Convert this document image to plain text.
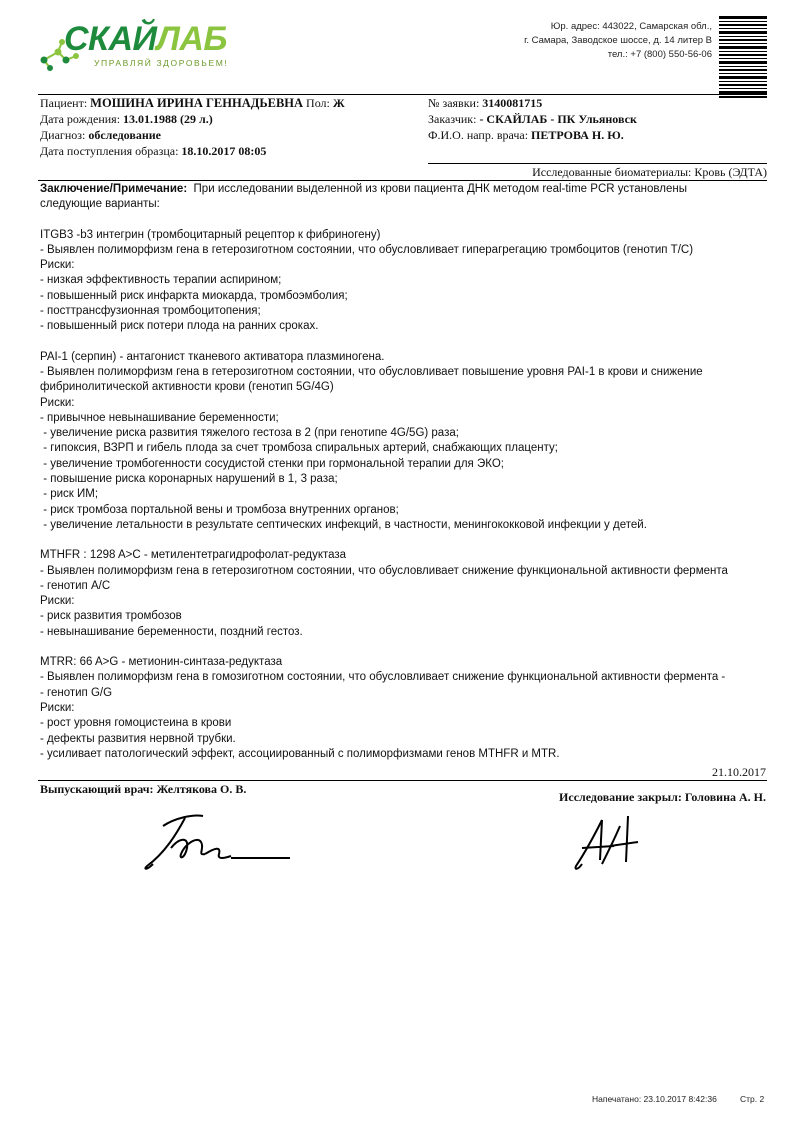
СКАЙЛАБ
УПРАВЛЯЙ ЗДОРОВЬЕМ!
Юр. адрес: 443022, Самарская обл.,
г. Самара, Заводское шоссе, д. 14 литер В
тел.: +7 (800) 550-56-06
Пациент: МОШИНА ИРИНА ГЕННАДЬЕВНА Пол: Ж
Дата рождения: 13.01.1988 (29 л.)
Диагноз: обследование
Дата поступления образца: 18.10.2017 08:05
№ заявки: 3140081715
Заказчик: - СКАЙЛАБ - ПК Ульяновск
Ф.И.О. напр. врача: ПЕТРОВА Н. Ю.
Исследованные биоматериалы: Кровь (ЭДТА)
Заключение/Примечание:  При исследовании выделенной из крови пациента ДНК методом real-time PCR установлены
следующие варианты:
ITGB3 -b3 интегрин (тромбоцитарный рецептор к фибриногену)
- Выявлен полиморфизм гена в гетерозиготном состоянии, что обусловливает гиперагрегацию тромбоцитов (генотип T/C)
Риски:
- низкая эффективность терапии аспирином;
- повышенный риск инфаркта миокарда, тромбоэмболия;
- посттрансфузионная тромбоцитопения;
- повышенный риск потери плода на ранних сроках.
PAI-1 (серпин) - антагонист тканевого активатора плазминогена.
- Выявлен полиморфизм гена в гетерозиготном состоянии, что обусловливает повышение уровня PAI-1 в крови и снижение
фибринолитической активности крови (генотип 5G/4G)
Риски:
- привычное невынашивание беременности;
- увеличение риска развития тяжелого гестоза в 2 (при генотипе 4G/5G) раза;
- гипоксия, ВЗРП и гибель плода за счет тромбоза спиральных артерий, снабжающих плаценту;
- увеличение тромбогенности сосудистой стенки при гормональной терапии для ЭКО;
- повышение риска коронарных нарушений в 1, 3 раза;
- риск ИМ;
- риск тромбоза портальной вены и тромбоза внутренних органов;
- увеличение летальности в результате септических инфекций, в частности, менингококковой инфекции у детей.
MTHFR : 1298 A>C - метилентетрагидрофолат-редуктаза
- Выявлен полиморфизм гена в гетерозиготном состоянии, что обусловливает снижение функциональной активности фермента
- генотип A/C
Риски:
- риск развития тромбозов
- невынашивание беременности, поздний гестоз.
MTRR: 66 A>G - метионин-синтаза-редуктаза
- Выявлен полиморфизм гена в гомозиготном состоянии, что обусловливает снижение функциональной активности фермента -
- генотип G/G
Риски:
- рост уровня гомоцистеина в крови
- дефекты развития нервной трубки.
- усиливает патологический эффект, ассоциированный с полиморфизмами генов MTHFR и MTR.
21.10.2017
Выпускающий врач: Желтякова О. В.
Исследование закрыл: Головина А. Н.
Напечатано: 23.10.2017 8:42:36	Стр. 2
